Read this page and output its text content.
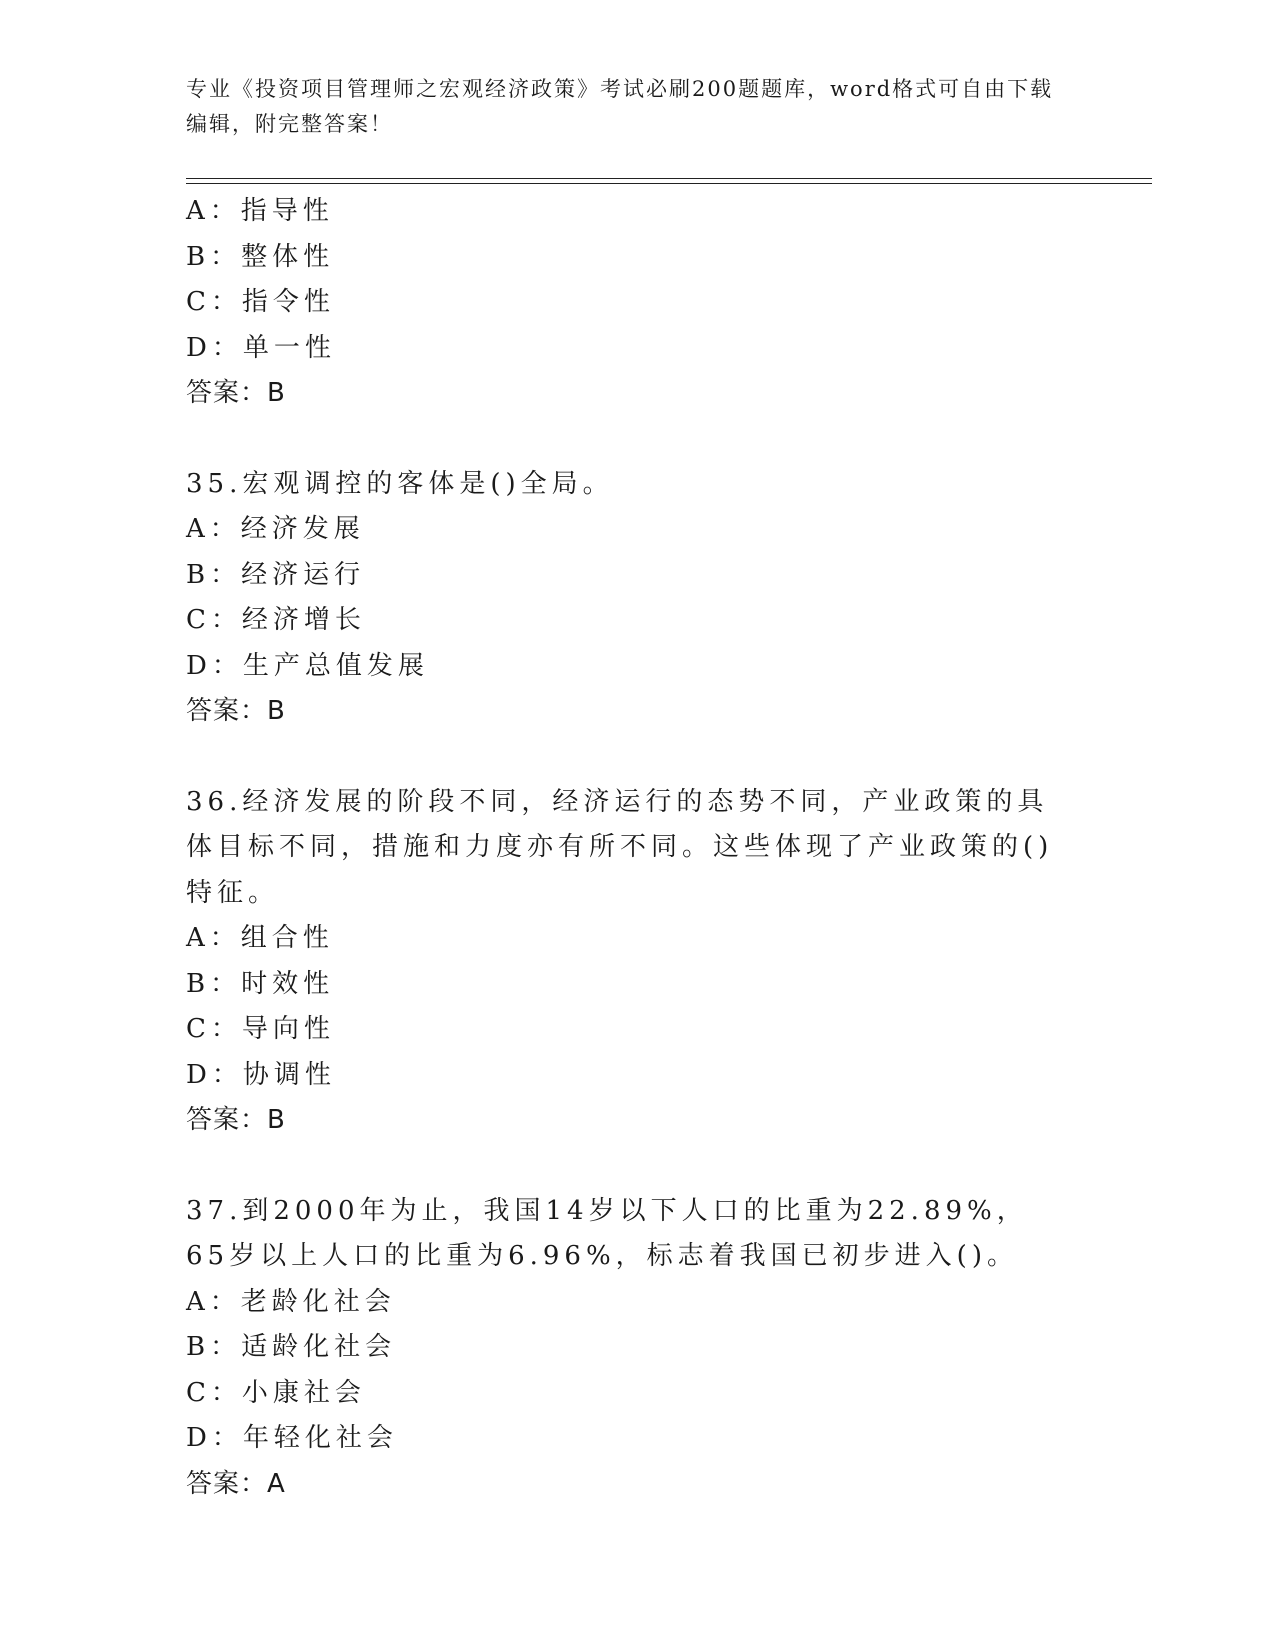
专业《投资项目管理师之宏观经济政策》考试必刷200题题库，word格式可自由下载编辑，附完整答案！
A：指导性
B：整体性
C：指令性
D：单一性
答案：B
35.宏观调控的客体是()全局。
A：经济发展
B：经济运行
C：经济增长
D：生产总值发展
答案：B
36.经济发展的阶段不同，经济运行的态势不同，产业政策的具体目标不同，措施和力度亦有所不同。这些体现了产业政策的()特征。
A：组合性
B：时效性
C：导向性
D：协调性
答案：B
37.到2000年为止，我国14岁以下人口的比重为22.89%，65岁以上人口的比重为6.96%，标志着我国已初步进入()。
A：老龄化社会
B：适龄化社会
C：小康社会
D：年轻化社会
答案：A
